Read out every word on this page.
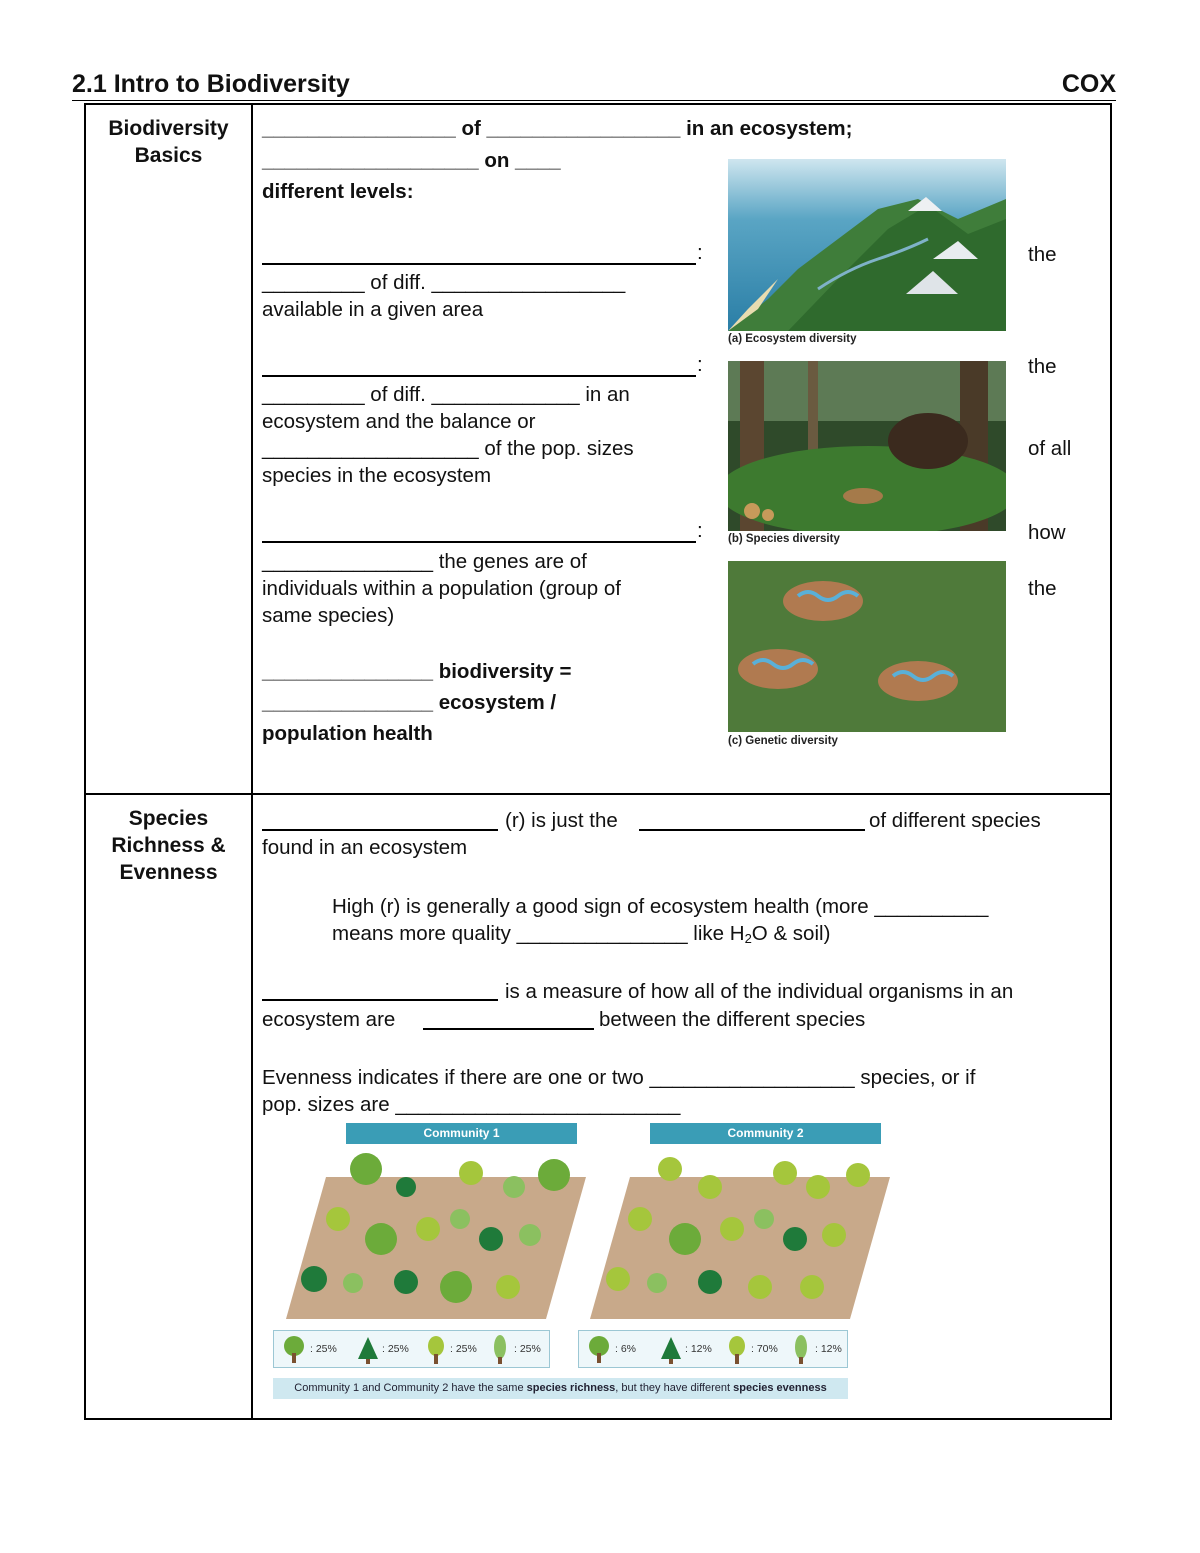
2.1 Intro to Biodiversity	COX
Biodiversity
Basics
_________________ of _________________ in an ecosystem;
___________________ on ____
different levels:
:
_________ of diff. _________________
available in a given area
:
_________ of diff. _____________ in an
ecosystem and the balance or
___________________ of the pop. sizes
species in the ecosystem
:
_______________ the genes are of
individuals within a population (group of
same species)
_______________ biodiversity =
_______________ ecosystem /
population health
the
the
of all
how
the
(a) Ecosystem diversity
(b) Species diversity
(c) Genetic diversity
Species
Richness &
Evenness
(r) is just the	of different species
found in an ecosystem
High (r) is generally a good sign of ecosystem health (more __________
means more quality _______________ like $H_2O$ & soil)
is a measure of how all of the individual organisms in an
ecosystem are	between the different species
Evenness indicates if there are one or two __________________ species, or if
pop. sizes are _________________________
Community 1	Community 2
: 25%	: 25%	: 25%	: 25%	: 6%	: 12%	: 70%	: 12%
Community 1 and Community 2 have the same species richness, but they have different species evenness
